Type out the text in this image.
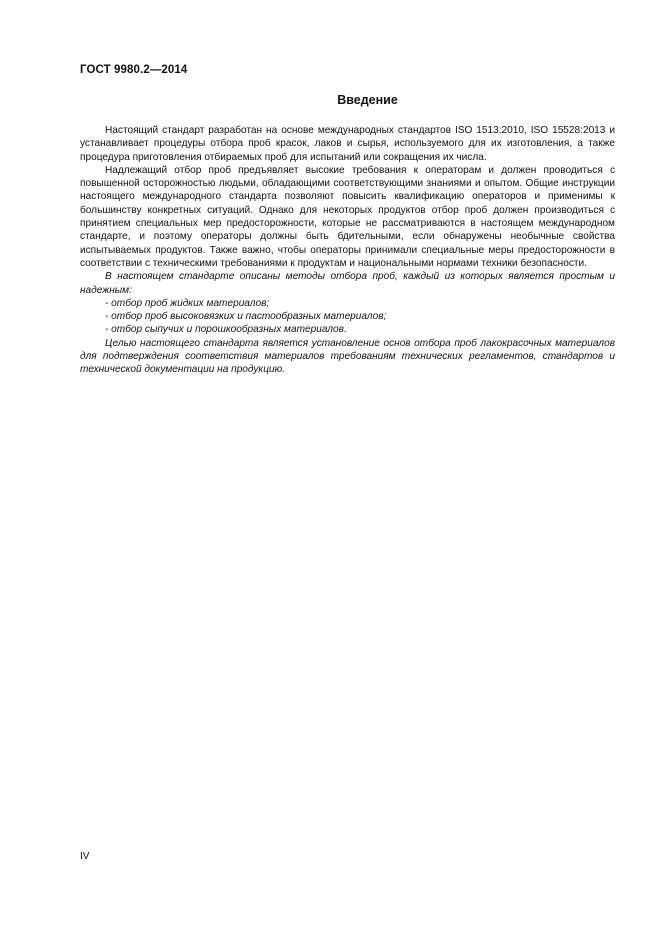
ГОСТ 9980.2—2014
Введение

Настоящий стандарт разработан на основе международных стандартов ISO 1513:2010, ISO 15528:2013 и устанавливает процедуры отбора проб красок, лаков и сырья, используемого для их изготовления, а также процедура приготовления отбираемых проб для испытаний или сокращения их числа.

Надлежащий отбор проб предъявляет высокие требования к операторам и должен проводиться с повышенной осторожностью людьми, обладающими соответствующими знаниями и опытом. Общие инструкции настоящего международного стандарта позволяют повысить квалификацию операторов и применимы к большинству конкретных ситуаций. Однако для некоторых продуктов отбор проб должен производиться с принятием специальных мер предосторожности, которые не рассматриваются в настоящем международном стандарте, и поэтому операторы должны быть бдительными, если обнаружены необычные свойства испытываемых продуктов. Также важно, чтобы операторы принимали специальные меры предосторожности в соответствии с техническими требованиями к продуктам и национальными нормами техники безопасности.

В настоящем стандарте описаны методы отбора проб, каждый из которых является простым и надежным:

- отбор проб жидких материалов;

- отбор проб высоковязких и пастообразных материалов;

- отбор сыпучих и порошкообразных материалов.

Целью настоящего стандарта является установление основ отбора проб лакокрасочных материалов для подтверждения соответствия материалов требованиям технических регламентов, стандартов и технической документации на продукцию.

IV
